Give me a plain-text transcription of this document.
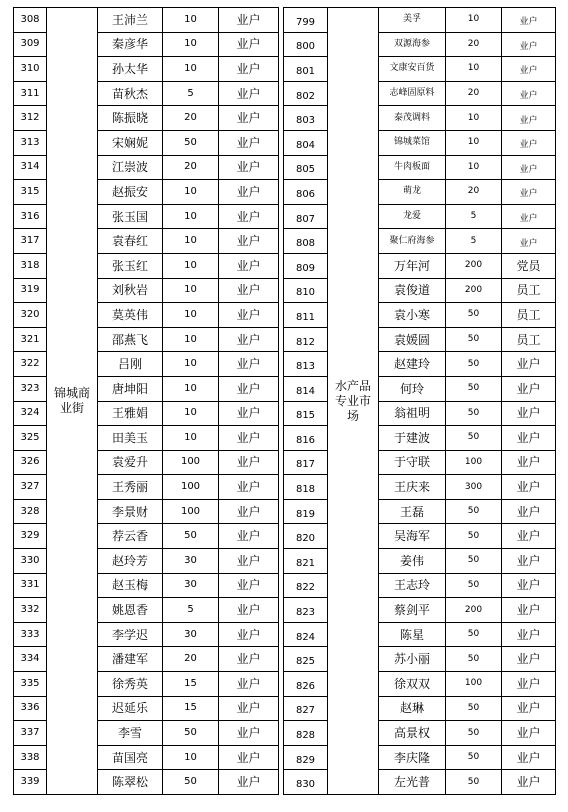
308	锦城商业街	王沛兰	10	业户
309		秦彦华	10	业户
310		孙太华	10	业户
311		苗秋杰	5	业户
312		陈振晓	20	业户
313		宋娴妮	50	业户
314		江崇波	20	业户
315		赵振安	10	业户
316		张玉国	10	业户
317		袁春红	10	业户
318		张玉红	10	业户
319		刘秋岩	10	业户
320		莫英伟	10	业户
321		邵燕飞	10	业户
322		吕刚	10	业户
323		唐坤阳	10	业户
324		王雅娟	10	业户
325		田美玉	10	业户
326		袁爱升	100	业户
327		王秀丽	100	业户
328		李景财	100	业户
329		荐云香	50	业户
330		赵玲芳	30	业户
331		赵玉梅	30	业户
332		姚恩香	5	业户
333		李学迟	30	业户
334		潘建军	20	业户
335		徐秀英	15	业户
336		迟延乐	15	业户
337		李雪	50	业户
338		苗国亮	10	业户
339		陈翠松	50	业户
799	水产品专业市场	美孚	10	业户
800		双源海参	20	业户
801		文康安百货	10	业户
802		志峰固原料	20	业户
803		泰茂调料	10	业户
804		锦城菜馆	10	业户
805		牛肉板面	10	业户
806		萌龙	20	业户
807		龙爱	5	业户
808		聚仁府海参	5	业户
809		万年河	200	党员
810		袁俊道	200	员工
811		袁小寒	50	员工
812		袁媛圆	50	员工
813		赵建玲	50	业户
814		何玲	50	业户
815		翁祖明	50	业户
816		于建波	50	业户
817		于守联	100	业户
818		王庆来	300	业户
819		王磊	50	业户
820		吴海军	50	业户
821		姜伟	50	业户
822		王志玲	50	业户
823		蔡剑平	200	业户
824		陈星	50	业户
825		苏小丽	50	业户
826		徐双双	100	业户
827		赵琳	50	业户
828		高景权	50	业户
829		李庆隆	50	业户
830		左光普	50	业户
